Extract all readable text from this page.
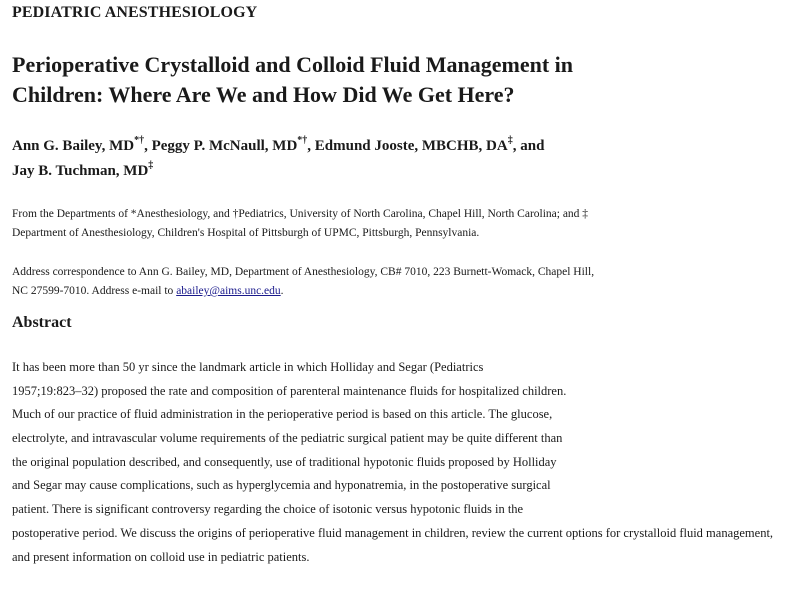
PEDIATRIC ANESTHESIOLOGY
Perioperative Crystalloid and Colloid Fluid Management in Children: Where Are We and How Did We Get Here?
Ann G. Bailey, MD*†, Peggy P. McNaull, MD*†, Edmund Jooste, MBCHB, DA‡, and
Jay B. Tuchman, MD‡
From the Departments of *Anesthesiology, and †Pediatrics, University of North Carolina, Chapel Hill, North Carolina; and ‡ Department of Anesthesiology, Children's Hospital of Pittsburgh of UPMC, Pittsburgh, Pennsylvania.
Address correspondence to Ann G. Bailey, MD, Department of Anesthesiology, CB# 7010, 223 Burnett-Womack, Chapel Hill, NC 27599-7010. Address e-mail to abailey@aims.unc.edu.
Abstract
It has been more than 50 yr since the landmark article in which Holliday and Segar (Pediatrics
1957;19:823–32) proposed the rate and composition of parenteral maintenance fluids for hospitalized children.
Much of our practice of fluid administration in the perioperative period is based on this article. The glucose,
electrolyte, and intravascular volume requirements of the pediatric surgical patient may be quite different than
the original population described, and consequently, use of traditional hypotonic fluids proposed by Holliday
and Segar may cause complications, such as hyperglycemia and hyponatremia, in the postoperative surgical
patient. There is significant controversy regarding the choice of isotonic versus hypotonic fluids in the
postoperative period. We discuss the origins of perioperative fluid management in children, review the current options for crystalloid fluid management,
and present information on colloid use in pediatric patients.
